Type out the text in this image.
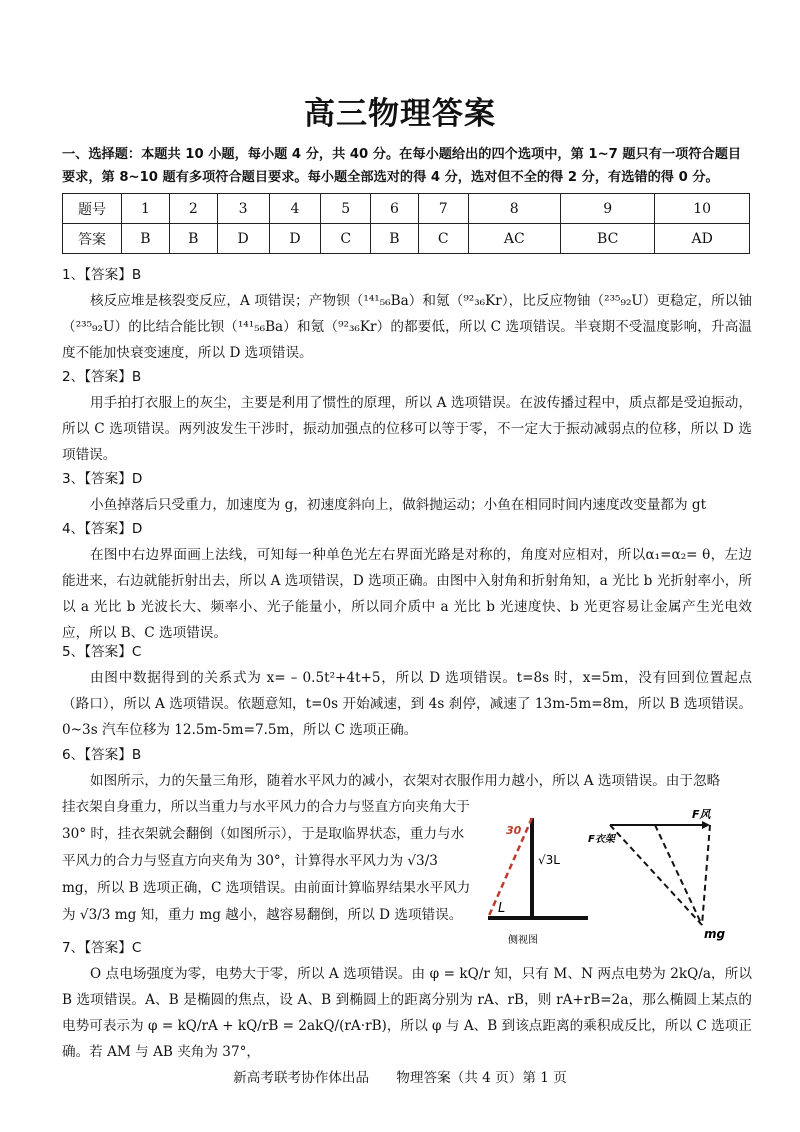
高三物理答案
一、选择题：本题共 10 小题，每小题 4 分，共 40 分。在每小题给出的四个选项中，第 1~7 题只有一项符合题目要求，第 8~10 题有多项符合题目要求。每小题全部选对的得 4 分，选对但不全的得 2 分，有选错的得 0 分。
题号	1	2	3	4	5	6	7	8	9	10
答案	B	B	D	D	C	B	C	AC	BC	AD
1、【答案】B
核反应堆是核裂变反应，A 项错误；产物钡（¹⁴¹₅₆Ba）和氪（⁹²₃₆Kr），比反应物铀（²³⁵₉₂U）更稳定，所以铀（²³⁵₉₂U）的比结合能比钡（¹⁴¹₅₆Ba）和氪（⁹²₃₆Kr）的都要低，所以 C 选项错误。半衰期不受温度影响，升高温度不能加快衰变速度，所以 D 选项错误。
2、【答案】B
用手拍打衣服上的灰尘，主要是利用了惯性的原理，所以 A 选项错误。在波传播过程中，质点都是受迫振动，所以 C 选项错误。两列波发生干涉时，振动加强点的位移可以等于零，不一定大于振动减弱点的位移，所以 D 选项错误。
3、【答案】D
小鱼掉落后只受重力，加速度为 g，初速度斜向上，做斜抛运动；小鱼在相同时间内速度改变量都为 gt
4、【答案】D
在图中右边界面画上法线，可知每一种单色光左右界面光路是对称的，角度对应相对，所以α₁=α₂= θ，左边能进来，右边就能折射出去，所以 A 选项错误，D 选项正确。由图中入射角和折射角知，a 光比 b 光折射率小，所以 a 光比 b 光波长大、频率小、光子能量小，所以同介质中 a 光比 b 光速度快、b 光更容易让金属产生光电效应，所以 B、C 选项错误。
5、【答案】C
由图中数据得到的关系式为 x= – 0.5t²+4t+5，所以 D 选项错误。t=8s 时，x=5m，没有回到位置起点（路口），所以 A 选项错误。依题意知，t=0s 开始减速，到 4s 刹停，减速了 13m-5m=8m，所以 B 选项错误。0~3s 汽车位移为 12.5m-5m=7.5m，所以 C 选项正确。
6、【答案】B
如图所示，力的矢量三角形，随着水平风力的减小，衣架对衣服作用力越小，所以 A 选项错误。由于忽略
挂衣架自身重力，所以当重力与水平风力的合力与竖直方向夹角大于 30° 时，挂衣架就会翻倒（如图所示），于是取临界状态，重力与水平风力的合力与竖直方向夹角为 30°，计算得水平风力为 √3/3 mg，所以 B 选项正确，C 选项错误。由前面计算临界结果水平风力为 √3/3 mg 知，重力 mg 越小，越容易翻倒，所以 D 选项错误。
30
√3L
L
侧视图
F风
F衣架
mg
7、【答案】C
O 点电场强度为零，电势大于零，所以 A 选项错误。由 φ = kQ/r 知，只有 M、N 两点电势为 2kQ/a，所以 B 选项错误。A、B 是椭圆的焦点，设 A、B 到椭圆上的距离分别为 rA、rB，则 rA+rB=2a，那么椭圆上某点的电势可表示为 φ = kQ/rA + kQ/rB = 2akQ/(rA·rB)，所以 φ 与 A、B 到该点距离的乘积成反比，所以 C 选项正确。若 AM 与 AB 夹角为 37°，
新高考联考协作体出品　　物理答案（共 4 页）第 1 页
